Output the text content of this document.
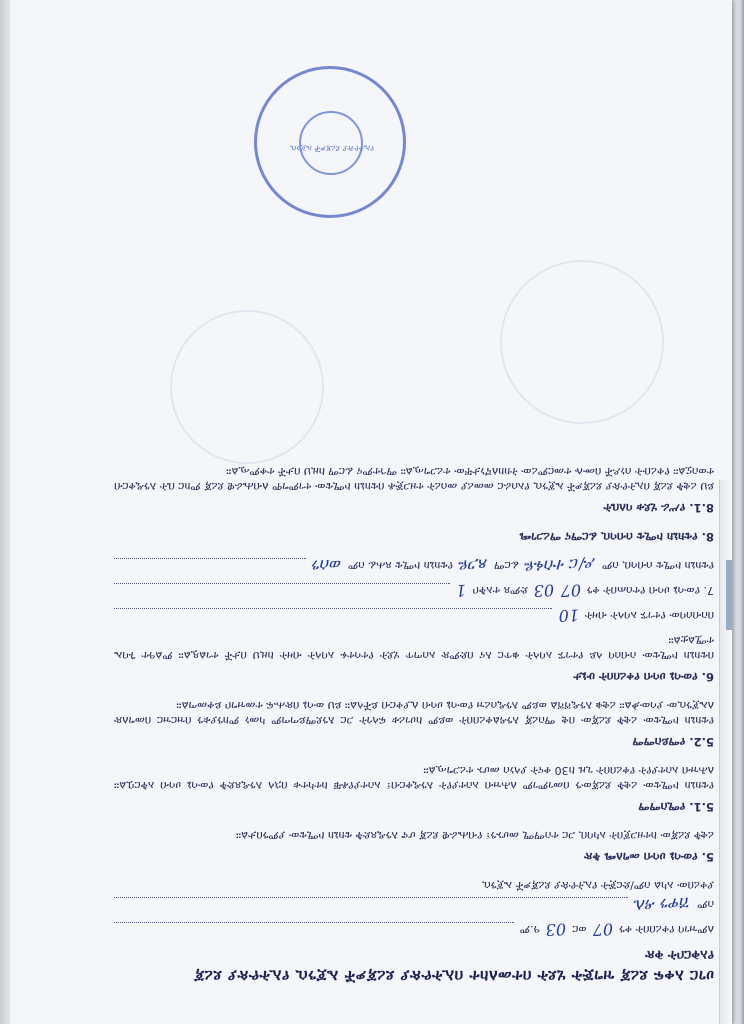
ሀገር አቀፍ ደረጃ ዝግጅት ሂደት በተመለከተ በኢትዮጵያ ደረጃዎች ኤጀንሲ የኢትዮጵያ ደረጃ
የአቅርቦት ቅጽ
ለምዝገባ የቀረበበት ቀን
07
ወር
03
ዓ.ም
ስም
ሽዋን ዳሌ

ያቀረበው አካል ስም/ድርጅት የኢትዮጵያ ደረጃዎች ኤጀንሲ

5. የውሳኔ ሀሳብ መግለጫ ቅጽ

ረቂቅ ደረጃው ከተዘጋጀበት አካባቢ ጋር ተስማሚ መሆኑን፣ የብሔራዊ ደረጃ ሆኖ እንዲጸድቅ ቴክኒክ ኮሚቴው ያምንበታል።

5.1. የሚስማማ

የቴክኒክ ኮሚቴው ረቂቅ ደረጃውን በመገምገም ለሕዝብ አስተያየት እንዲቀርብ፣ አስተያየቶቹ ከተካተቱ በኋላ እንዲጸድቅ የውሳኔ ሀሳብ አቅርቧል። ለሕዝብ አስተያየት የቀረበበት ጊዜ ከ30 ቀናት ያላነሰ መሆኑ ተረጋግጧል።

5.2. የማይስማማ

የቴክኒክ ኮሚቴው ረቂቅ ደረጃው በቂ ማስረጃ እንዳልቀረበበት ወይም ከሀገሪቱ ፍላጎት ጋር እንደማይጣጣም ካመነ ምክንያቱን በዝርዝር በመግለጽ ለኤጀንሲው ያሳውቃል። ረቂቁ እንዲሻሻል ወይም እንዲሰረዝ የውሳኔ ሀሳብ ሊያቀርብ ይችላል። ይህ ውሳኔ በጽሑፍ ተመዝግቦ ይቀመጣል።

6. የውሳኔ ሀሳብ የቀረበበት ሁኔታ

በቴክኒክ ኮሚቴው ስብሰባ ላይ የተገኙ አባላት ቁጥር እና በድምጽ አሰጣጥ ሂደት የተሳተፉ አባላት ብዛት ከዚህ በታች ተገልጿል። ምልዓተ ጉባኤ ተሟልቷል።

በስብሰባው የተገኙ አባላት ብዛት
10
7. የውሳኔ ሀሳብ የተሰጠበት ቀን
07
03
ድምጸ ተአቅቦ
1
የቴክኒክ ኮሚቴ ሰብሳቢ ስም
ዶ/ር ተስፋዬ
ፊርማ
ጸጋዬ
የቴክኒክ ኮሚቴ ጸሐፊ ስም
ወሰን
8. የቴክኒክ ኮሚቴ ሰብሳቢ ፊርማና ማረጋገጫ
8.1. የሥራ ሂደቱ ባለቤት

ይህ ረቂቅ ደረጃ በኢትዮጵያ ደረጃዎች ኤጀንሲ የአሰራር መመሪያ መሰረት ተዘጋጅቶ በቴክኒክ ኮሚቴው ተገምግሞ ለብሔራዊ ደረጃ ምክር ቤት እንዲቀርብ ተወስኗል። የቀረቡት ሰነዶች በሙሉ ተመርምረው ትክክለኛነታቸው ተረጋግጧል። ማኅተምና ፊርማ ከዚህ በታች ተቀምጧል።

የኢትዮጵያ ደረጃዎች ኤጀንሲ
